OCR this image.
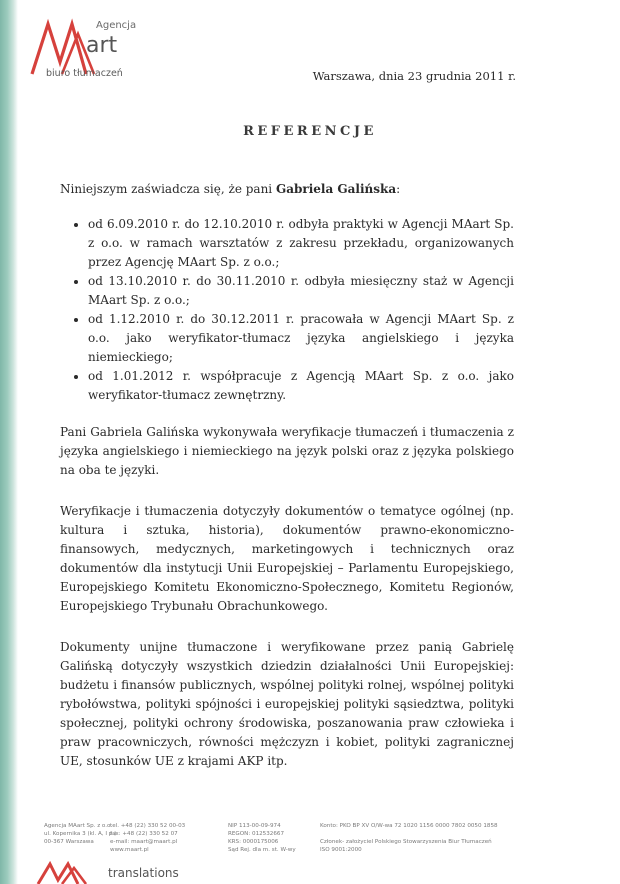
Agencja
art
biuro tłumaczeń	Warszawa, dnia 23 grudnia 2011 r.
REFERENCJE

Niniejszym zaświadcza się, że pani Gabriela Galińska:

• od 6.09.2010 r. do 12.10.2010 r. odbyła praktyki w Agencji MAart Sp. z o.o. w ramach warsztatów z zakresu przekładu, organizowanych przez Agencję MAart Sp. z o.o.;
• od 13.10.2010 r. do 30.11.2010 r. odbyła miesięczny staż w Agencji MAart Sp. z o.o.;
• od 1.12.2010 r. do 30.12.2011 r. pracowała w Agencji MAart Sp. z o.o. jako weryfikator-tłumacz języka angielskiego i języka niemieckiego;
• od 1.01.2012 r. współpracuje z Agencją MAart Sp. z o.o. jako weryfikator-tłumacz zewnętrzny.

Pani Gabriela Galińska wykonywała weryfikacje tłumaczeń i tłumaczenia z języka angielskiego i niemieckiego na język polski oraz z języka polskiego na oba te języki.

Weryfikacje i tłumaczenia dotyczyły dokumentów o tematyce ogólnej (np. kultura i sztuka, historia), dokumentów prawno-ekonomiczno-finansowych, medycznych, marketingowych i technicznych oraz dokumentów dla instytucji Unii Europejskiej – Parlamentu Europejskiego, Europejskiego Komitetu Ekonomiczno-Społecznego, Komitetu Regionów, Europejskiego Trybunału Obrachunkowego.

Dokumenty unijne tłumaczone i weryfikowane przez panią Gabrielę Galińską dotyczyły wszystkich dziedzin działalności Unii Europejskiej: budżetu i finansów publicznych, wspólnej polityki rolnej, wspólnej polityki rybołówstwa, polityki spójności i europejskiej polityki sąsiedztwa, polityki społecznej, polityki ochrony środowiska, poszanowania praw człowieka i praw pracowniczych, równości mężczyzn i kobiet, polityki zagranicznej UE, stosunków UE z krajami AKP itp.

Agencja MAart Sp. z o.o.
ul. Kopernika 3 (kl. A, I p.)
00-367 Warszawa
tel. +48 (22) 330 52 00-03
fax: +48 (22) 330 52 07
e-mail: maart@maart.pl
www.maart.pl
NIP 113-00-09-974
REGON: 012532667
KRS: 0000175006
Sąd Rej. dla m. st. W-wy
Konto: PKO BP XV O/W-wa 72 1020 1156 0000 7802 0050 1858

Członek- założyciel Polskiego Stowarzyszenia Biur Tłumaczeń
ISO 9001:2000
translations
